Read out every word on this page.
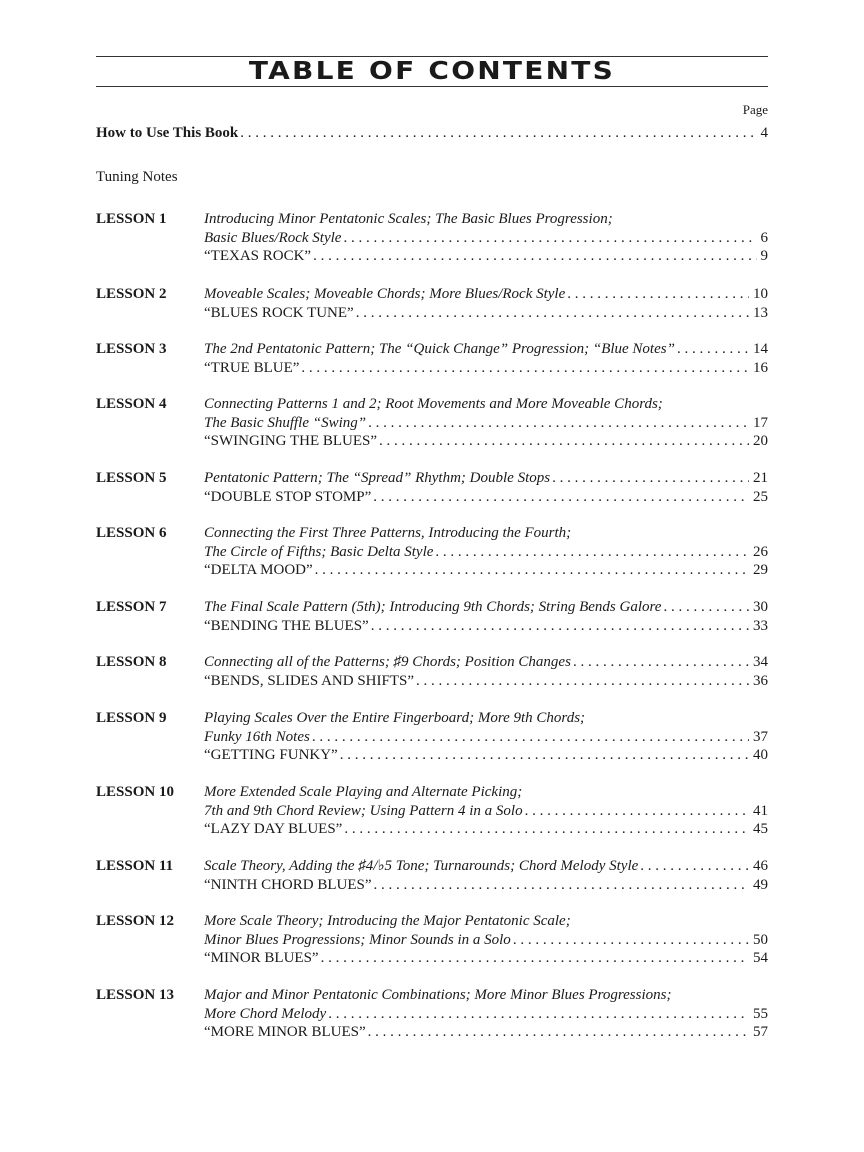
TABLE OF CONTENTS
Page
How to Use This Book . . .	4
Tuning Notes
LESSON 1	Introducing Minor Pentatonic Scales; The Basic Blues Progression;
Basic Blues/Rock Style . . .	6
“TEXAS ROCK” . . .	9
LESSON 2	Moveable Scales; Moveable Chords; More Blues/Rock Style . . .	10
“BLUES ROCK TUNE” . . .	13
LESSON 3	The 2nd Pentatonic Pattern; The “Quick Change” Progression; “Blue Notes” . . .	14
“TRUE BLUE” . . .	16
LESSON 4	Connecting Patterns 1 and 2; Root Movements and More Moveable Chords;
The Basic Shuffle “Swing” . . .	17
“SWINGING THE BLUES” . . .	20
LESSON 5	Pentatonic Pattern; The “Spread” Rhythm; Double Stops . . .	21
“DOUBLE STOP STOMP” . . .	25
LESSON 6	Connecting the First Three Patterns, Introducing the Fourth;
The Circle of Fifths; Basic Delta Style . . .	26
“DELTA MOOD” . . .	29
LESSON 7	The Final Scale Pattern (5th); Introducing 9th Chords; String Bends Galore . . .	30
“BENDING THE BLUES” . . .	33
LESSON 8	Connecting all of the Patterns; ♯9 Chords; Position Changes . . .	34
“BENDS, SLIDES AND SHIFTS” . . .	36
LESSON 9	Playing Scales Over the Entire Fingerboard; More 9th Chords;
Funky 16th Notes . . .	37
“GETTING FUNKY” . . .	40
LESSON 10 More Extended Scale Playing and Alternate Picking;
7th and 9th Chord Review; Using Pattern 4 in a Solo . . .	41
“LAZY DAY BLUES” . . .	45
LESSON 11 Scale Theory, Adding the ♯4/♭5 Tone; Turnarounds; Chord Melody Style . . .	46
“NINTH CHORD BLUES” . . .	49
LESSON 12 More Scale Theory; Introducing the Major Pentatonic Scale;
Minor Blues Progressions; Minor Sounds in a Solo . . .	50
“MINOR BLUES” . . .	54
LESSON 13 Major and Minor Pentatonic Combinations; More Minor Blues Progressions;
More Chord Melody . . .	55
“MORE MINOR BLUES” . . .	57
